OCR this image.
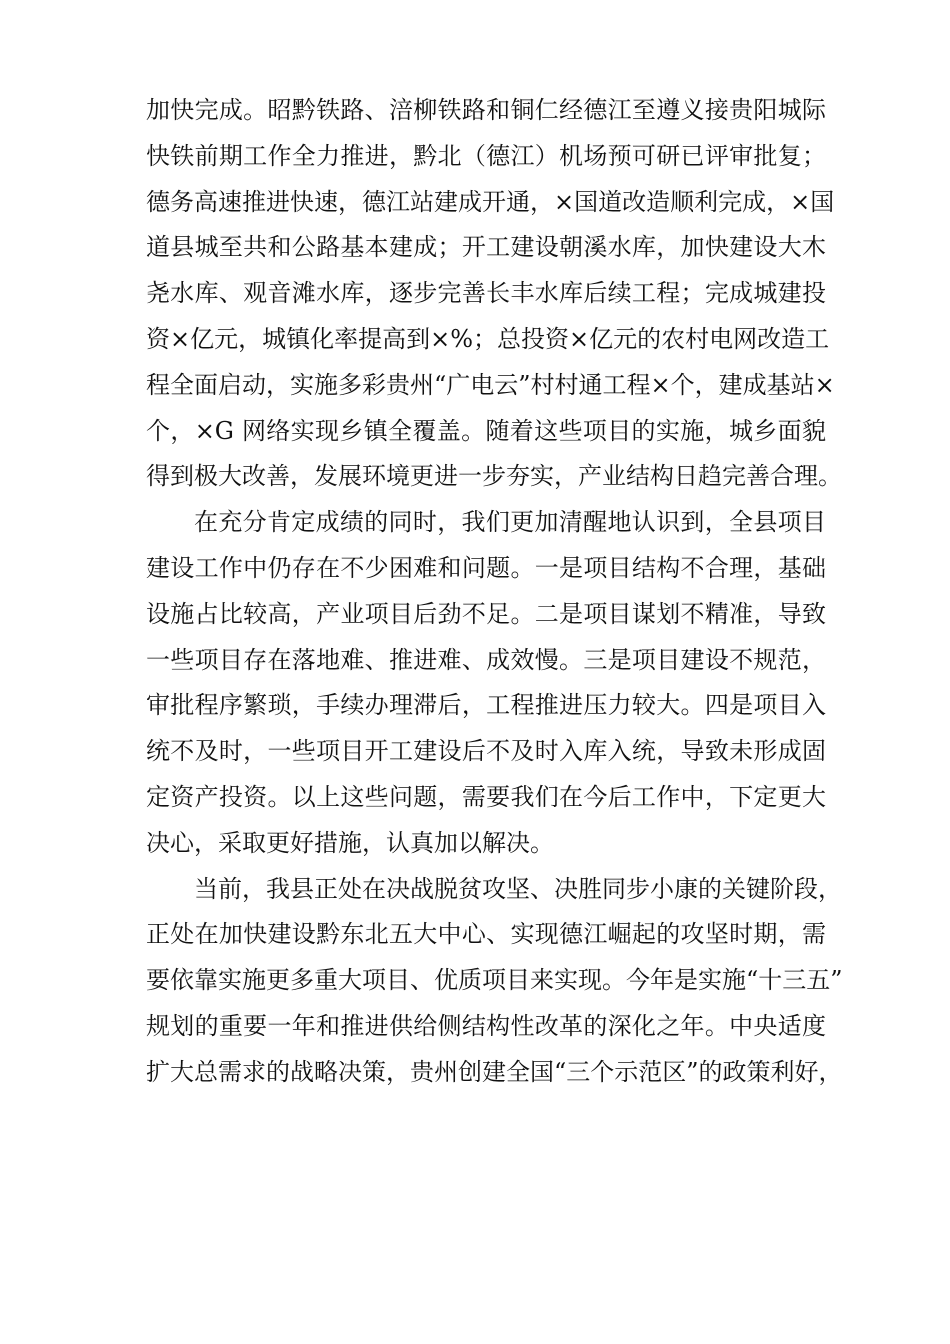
加快完成。昭黔铁路、涪柳铁路和铜仁经德江至遵义接贵阳城际
快铁前期工作全力推进，黔北（德江）机场预可研已评审批复；
德务高速推进快速，德江站建成开通，×国道改造顺利完成，×国
道县城至共和公路基本建成；开工建设朝溪水库，加快建设大木
尧水库、观音滩水库，逐步完善长丰水库后续工程；完成城建投
资×亿元，城镇化率提高到×%；总投资×亿元的农村电网改造工
程全面启动，实施多彩贵州“广电云”村村通工程×个，建成基站×
个，×G 网络实现乡镇全覆盖。随着这些项目的实施，城乡面貌
得到极大改善，发展环境更进一步夯实，产业结构日趋完善合理。
在充分肯定成绩的同时，我们更加清醒地认识到，全县项目
建设工作中仍存在不少困难和问题。一是项目结构不合理，基础
设施占比较高，产业项目后劲不足。二是项目谋划不精准，导致
一些项目存在落地难、推进难、成效慢。三是项目建设不规范，
审批程序繁琐，手续办理滞后，工程推进压力较大。四是项目入
统不及时，一些项目开工建设后不及时入库入统，导致未形成固
定资产投资。以上这些问题，需要我们在今后工作中，下定更大
决心，采取更好措施，认真加以解决。
当前，我县正处在决战脱贫攻坚、决胜同步小康的关键阶段，
正处在加快建设黔东北五大中心、实现德江崛起的攻坚时期，需
要依靠实施更多重大项目、优质项目来实现。今年是实施“十三五”
规划的重要一年和推进供给侧结构性改革的深化之年。中央适度
扩大总需求的战略决策，贵州创建全国“三个示范区”的政策利好，
